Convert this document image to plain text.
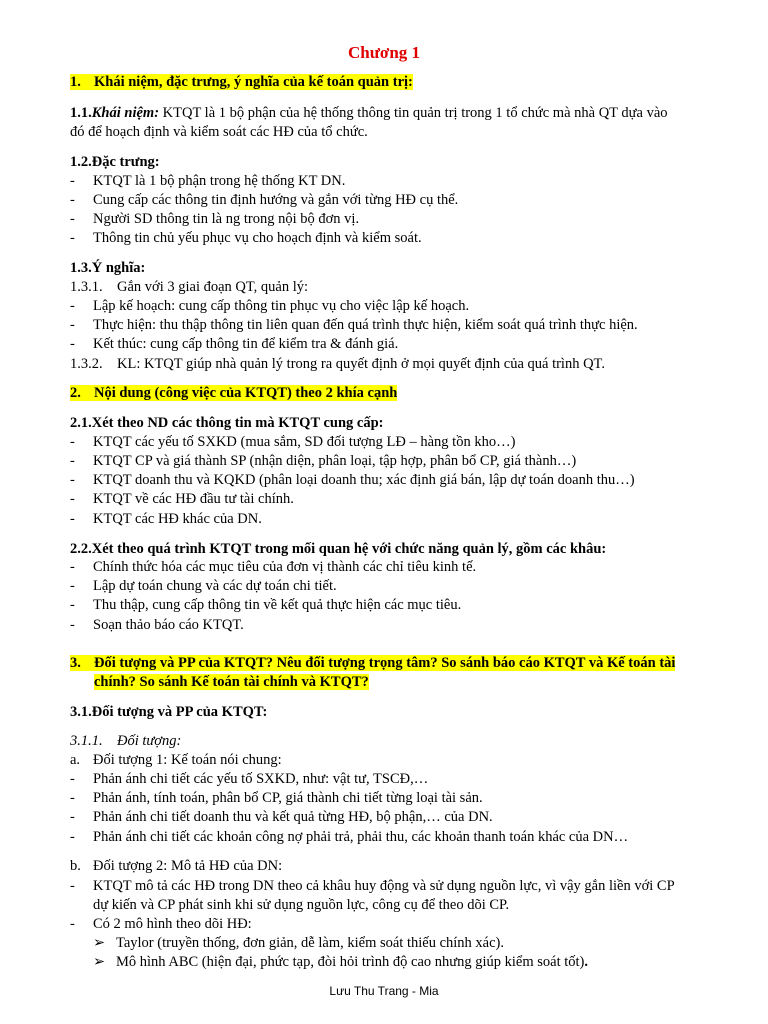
Chương 1
1. Khái niệm, đặc trưng, ý nghĩa của kế toán quản trị:
1.1.Khái niệm: KTQT là 1 bộ phận của hệ thống thông tin quản trị trong 1 tổ chức mà nhà QT dựa vào
đó để hoạch định và kiểm soát các HĐ của tổ chức.
1.2.Đặc trưng:
- KTQT là 1 bộ phận trong hệ thống KT DN.
- Cung cấp các thông tin định hướng và gắn với từng HĐ cụ thể.
- Người SD thông tin là ng trong nội bộ đơn vị.
- Thông tin chủ yếu phục vụ cho hoạch định và kiểm soát.
1.3.Ý nghĩa:
1.3.1. Gắn với 3 giai đoạn QT, quản lý:
- Lập kế hoạch: cung cấp thông tin phục vụ cho việc lập kế hoạch.
- Thực hiện: thu thập thông tin liên quan đến quá trình thực hiện, kiểm soát quá trình thực hiện.
- Kết thúc: cung cấp thông tin để kiểm tra & đánh giá.
1.3.2. KL: KTQT giúp nhà quản lý trong ra quyết định ở mọi quyết định của quá trình QT.
2. Nội dung (công việc của KTQT) theo 2 khía cạnh
2.1.Xét theo ND các thông tin mà KTQT cung cấp:
- KTQT các yếu tố SXKD (mua sắm, SD đối tượng LĐ – hàng tồn kho…)
- KTQT CP và giá thành SP (nhận diện, phân loại, tập hợp, phân bổ CP, giá thành…)
- KTQT doanh thu và KQKD (phân loại doanh thu; xác định giá bán, lập dự toán doanh thu…)
- KTQT về các HĐ đầu tư tài chính.
- KTQT các HĐ khác của DN.
2.2.Xét theo quá trình KTQT trong mối quan hệ với chức năng quản lý, gồm các khâu:
- Chính thức hóa các mục tiêu của đơn vị thành các chỉ tiêu kinh tế.
- Lập dự toán chung và các dự toán chi tiết.
- Thu thập, cung cấp thông tin về kết quả thực hiện các mục tiêu.
- Soạn thảo báo cáo KTQT.
3. Đối tượng và PP của KTQT? Nêu đối tượng trọng tâm? So sánh báo cáo KTQT và Kế toán tài
chính? So sánh Kế toán tài chính và KTQT?
3.1.Đối tượng và PP của KTQT:
3.1.1. Đối tượng:
a. Đối tượng 1: Kế toán nói chung:
- Phản ánh chi tiết các yếu tố SXKD, như: vật tư, TSCĐ,…
- Phản ánh, tính toán, phân bổ CP, giá thành chi tiết từng loại tài sản.
- Phản ánh chi tiết doanh thu và kết quả từng HĐ, bộ phận,… của DN.
- Phản ánh chi tiết các khoản công nợ phải trả, phải thu, các khoản thanh toán khác của DN…
b. Đối tượng 2: Mô tả HĐ của DN:
- KTQT mô tả các HĐ trong DN theo cả khâu huy động và sử dụng nguồn lực, vì vậy gắn liền với CP
dự kiến và CP phát sinh khi sử dụng nguồn lực, công cụ để theo dõi CP.
- Có 2 mô hình theo dõi HĐ:
➢ Taylor (truyền thống, đơn giản, dễ làm, kiểm soát thiếu chính xác).
➢ Mô hình ABC (hiện đại, phức tạp, đòi hỏi trình độ cao nhưng giúp kiểm soát tốt).
Lưu Thu Trang - Mia
